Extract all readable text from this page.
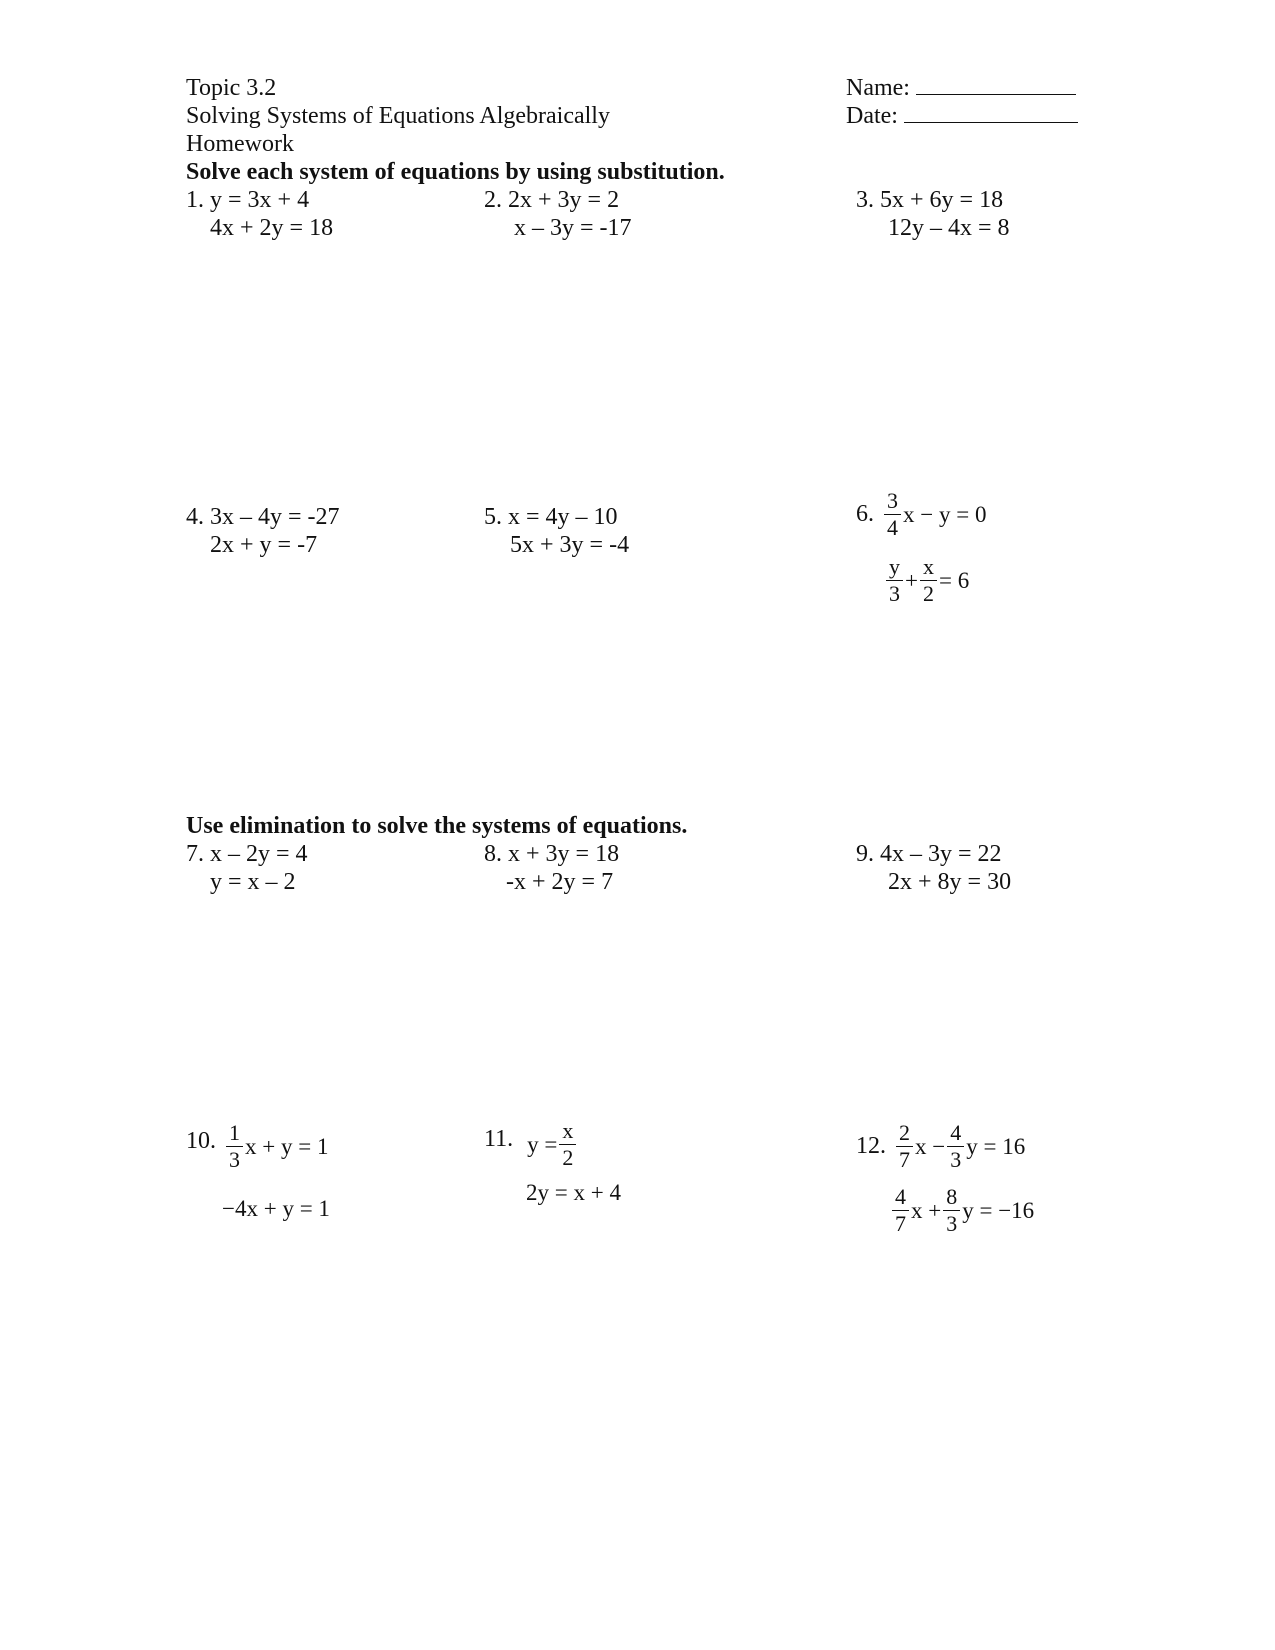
Topic 3.2
Solving Systems of Equations Algebraically
Homework
Name:
Date:
Solve each system of equations by using substitution.
1. y = 3x + 4
4x + 2y = 18
2. 2x + 3y = 2
x – 3y = -17
3. 5x + 6y = 18
12y – 4x = 8
4. 3x – 4y = -27
2x + y = -7
5. x = 4y – 10
5x + 3y = -4
6. $\frac{3}{4}$ x − y = 0
$\frac{y}{3} + \frac{x}{2} = 6$
Use elimination to solve the systems of equations.
7. x – 2y = 4
y = x – 2
8. x + 3y = 18
-x + 2y = 7
9. 4x – 3y = 22
2x + 8y = 30
10. $\frac{1}{3}$ x + y = 1
−4x + y = 1
11. $y = \frac{x}{2}$
2y = x + 4
12. $\frac{2}{7}$ $x - \frac{4}{3}$ y = 16
$\frac{4}{7}$ $x + \frac{8}{3}$ y = −16
